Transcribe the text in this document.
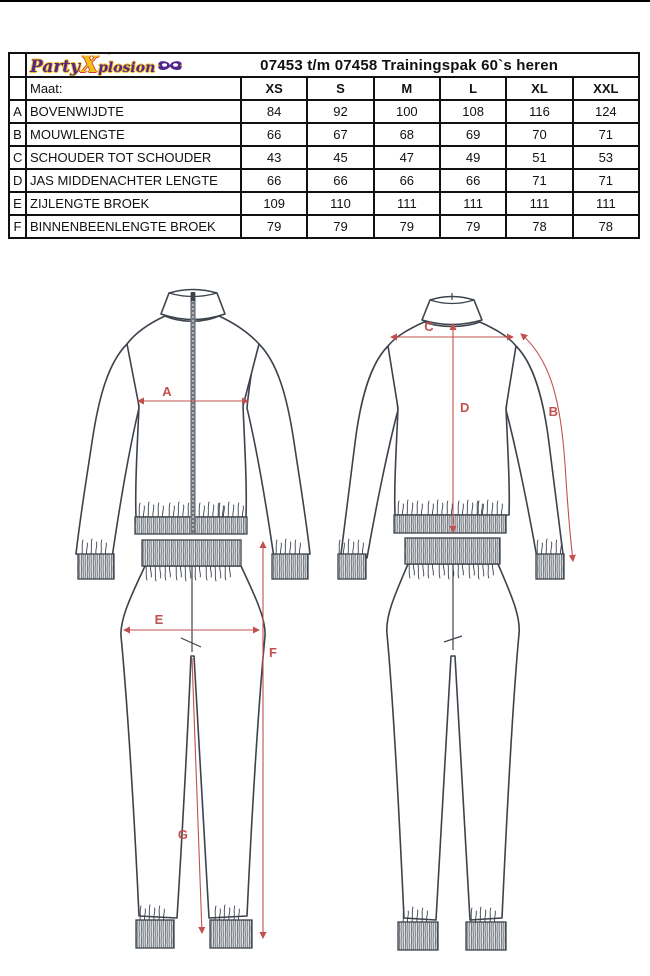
	Party X plosion 07453 t/m 07458 Trainingspak 60`s heren						

	Maat:	XS	S	M	L	XL	XXL
A	BOVENWIJDTE	84	92	100	108	116	124
B	MOUWLENGTE	66	67	68	69	70	71
C	SCHOUDER TOT SCHOUDER	43	45	47	49	51	53
D	JAS MIDDENACHTER LENGTE	66	66	66	66	71	71
E	ZIJLENGTE BROEK	109	110	111	111	111	111
F	BINNENBEENLENGTE BROEK	79	79	79	79	78	78
A
C
D	B
E
F
G
